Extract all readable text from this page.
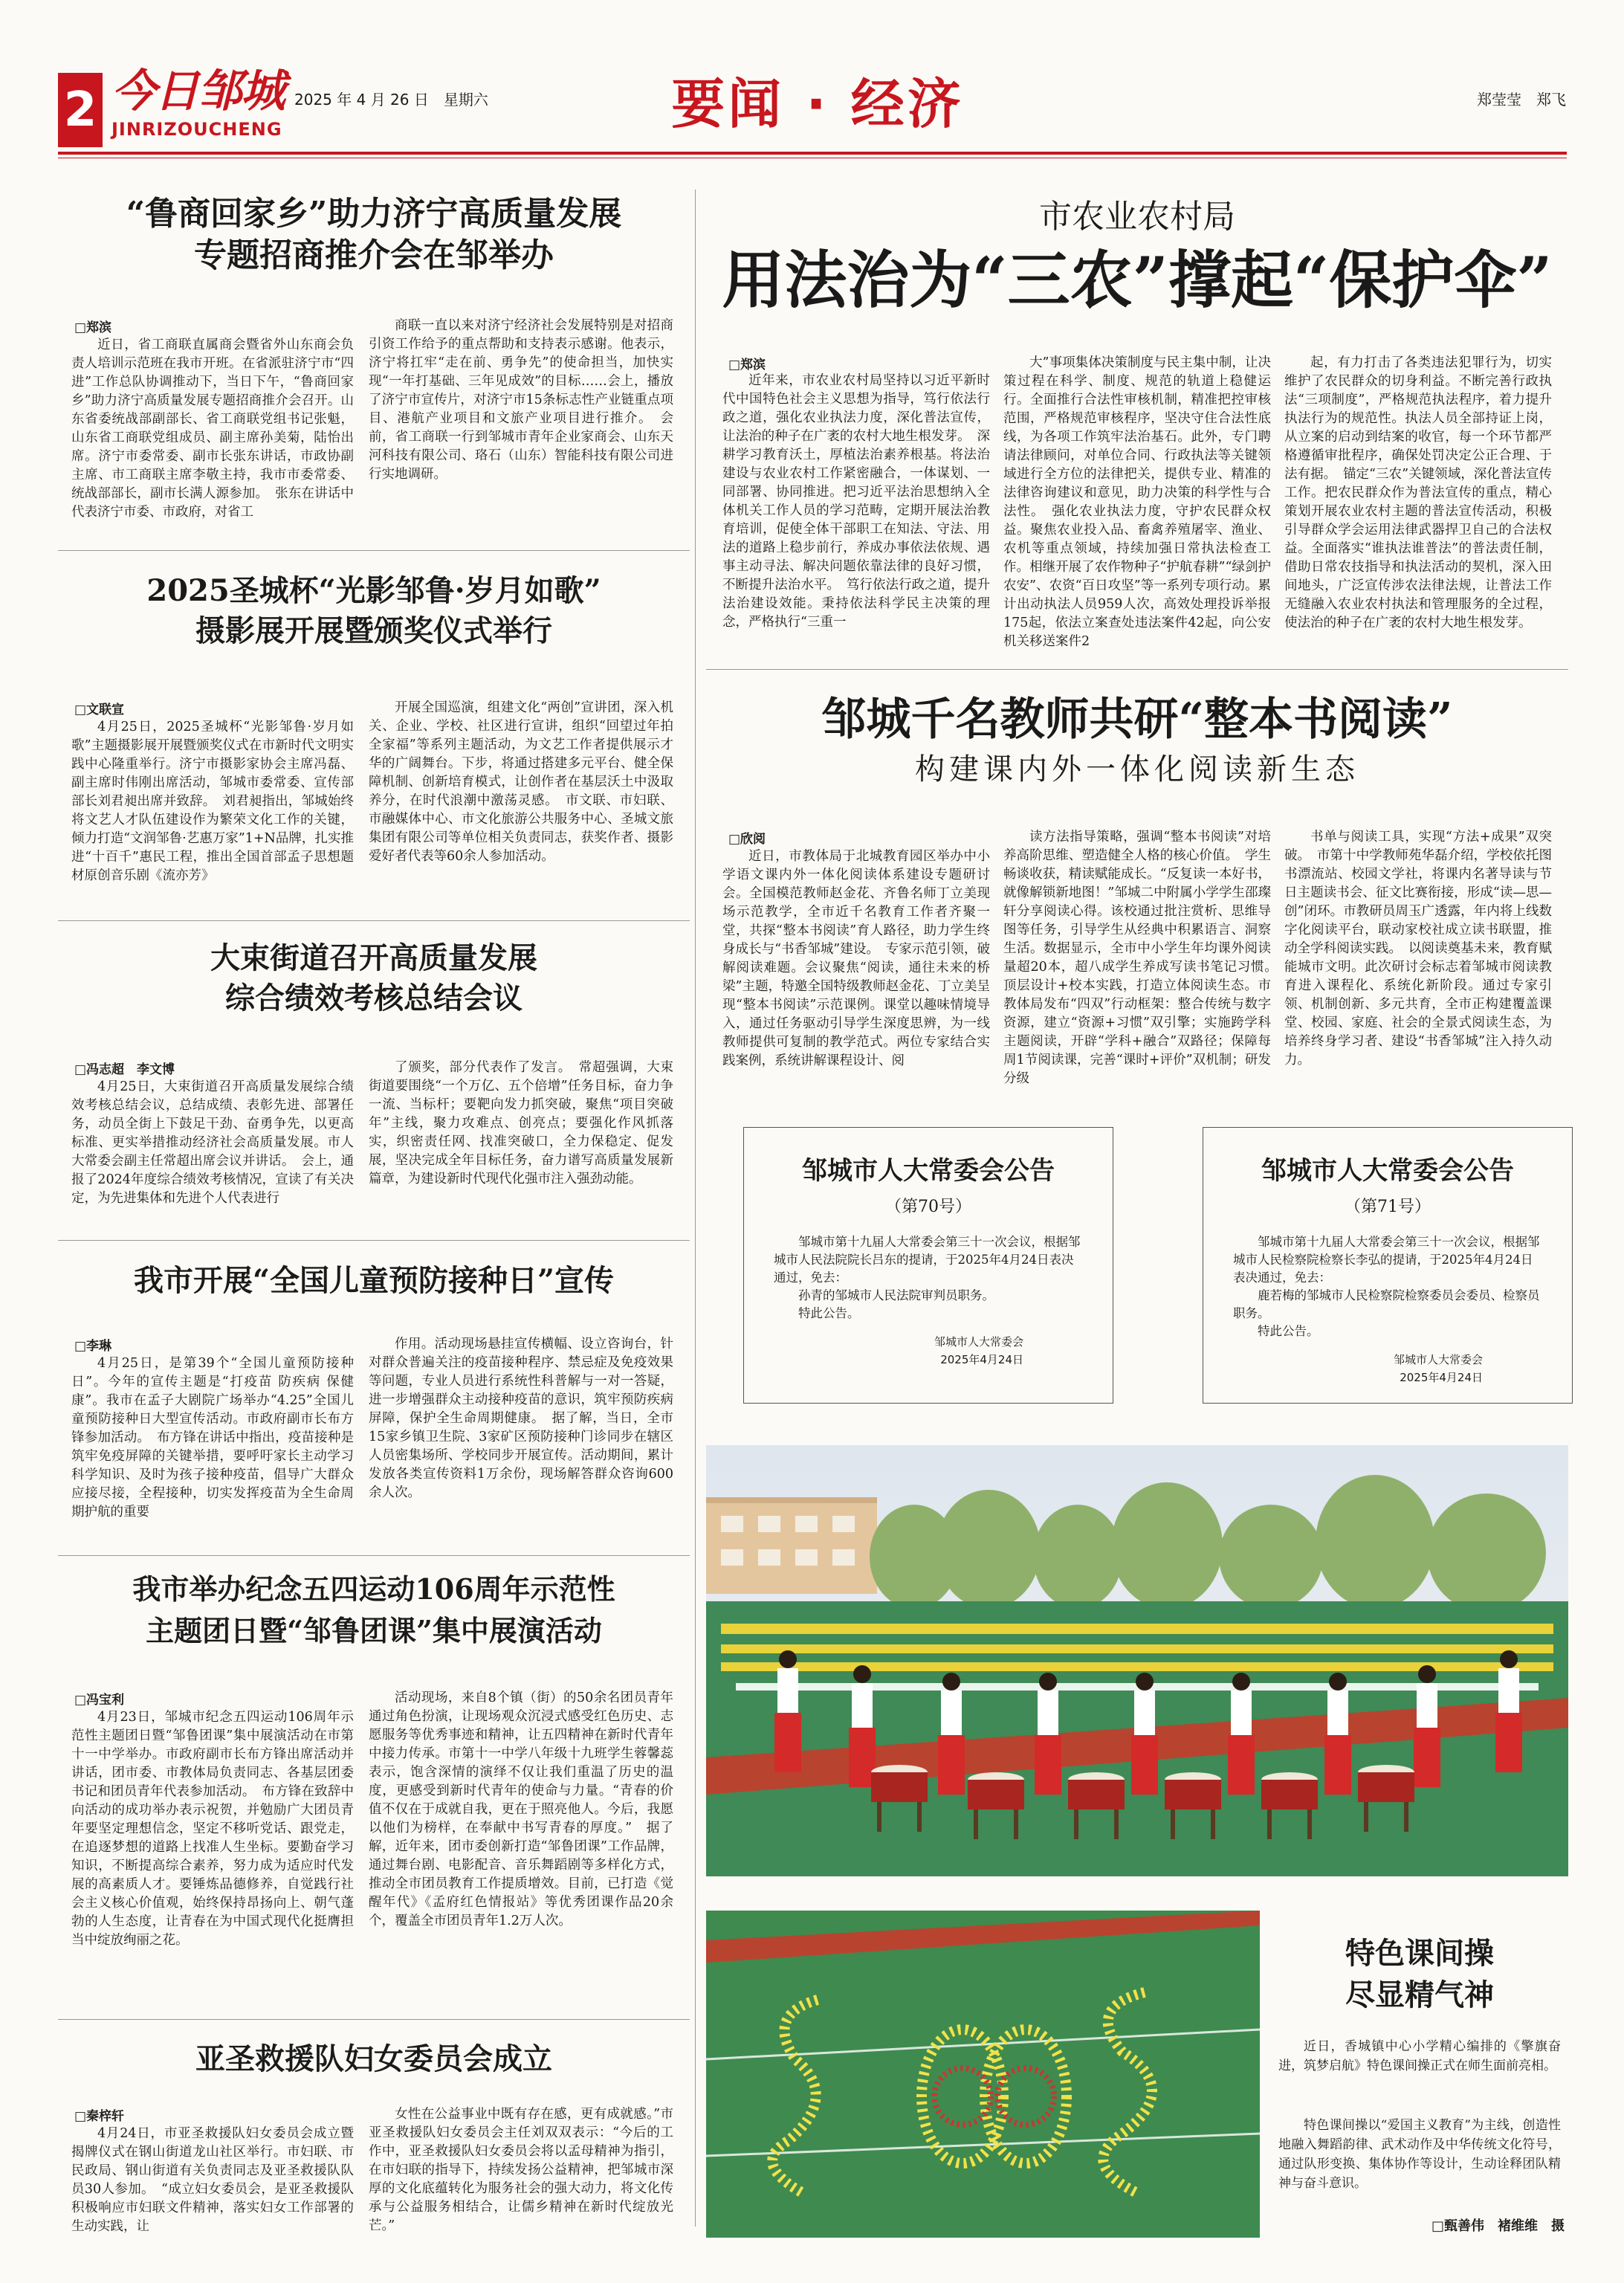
2 今日邹城
JINRIZOUCHENG
2025 年 4 月 26 日　星期六	要闻 · 经济	郑莹莹　郑飞
“鲁商回家乡”助力济宁高质量发展
专题招商推介会在邹举办
□郑滨
近日，省工商联直属商会暨省外山东商会负责人培训示范班在我市开班。在省派驻济宁市“四进”工作总队协调推动下，当日下午，“鲁商回家乡”助力济宁高质量发展专题招商推介会召开。山东省委统战部副部长、省工商联党组书记张魁，山东省工商联党组成员、副主席孙美菊，陆怡出席。济宁市委常委、副市长张东讲话，市政协副主席、市工商联主席李敬主持，我市市委常委、统战部部长，副市长满人源参加。　张东在讲话中代表济宁市委、市政府，对省工
商联一直以来对济宁经济社会发展特别是对招商引资工作给予的重点帮助和支持表示感谢。他表示，济宁将扛牢“走在前、勇争先”的使命担当，加快实现“一年打基础、三年见成效”的目标……会上，播放了济宁市宣传片，对济宁市15条标志性产业链重点项目、港航产业项目和文旅产业项目进行推介。　会前，省工商联一行到邹城市青年企业家商会、山东天河科技有限公司、珞石（山东）智能科技有限公司进行实地调研。
2025圣城杯“光影邹鲁·岁月如歌”
摄影展开展暨颁奖仪式举行
□文联宣
4月25日，2025圣城杯“光影邹鲁·岁月如歌”主题摄影展开展暨颁奖仪式在市新时代文明实践中心隆重举行。济宁市摄影家协会主席冯磊、副主席时伟刚出席活动，邹城市委常委、宣传部部长刘君昶出席并致辞。　刘君昶指出，邹城始终将文艺人才队伍建设作为繁荣文化工作的关键，倾力打造“文润邹鲁·艺惠万家”1+N品牌，扎实推进“十百千”惠民工程，推出全国首部孟子思想题材原创音乐剧《流亦芳》
开展全国巡演，组建文化“两创”宣讲团，深入机关、企业、学校、社区进行宣讲，组织“回望过年拍全家福”等系列主题活动，为文艺工作者提供展示才华的广阔舞台。下步，将通过搭建多元平台、健全保障机制、创新培育模式，让创作者在基层沃土中汲取养分，在时代浪潮中激荡灵感。　市文联、市妇联、市融媒体中心、市文化旅游公共服务中心、圣城文旅集团有限公司等单位相关负责同志，获奖作者、摄影爱好者代表等60余人参加活动。
大束街道召开高质量发展
综合绩效考核总结会议
□冯志超　李文博
4月25日，大束街道召开高质量发展综合绩效考核总结会议，总结成绩、表彰先进、部署任务，动员全街上下鼓足干劲、奋勇争先，以更高标准、更实举措推动经济社会高质量发展。市人大常委会副主任常超出席会议并讲话。　会上，通报了2024年度综合绩效考核情况，宣读了有关决定，为先进集体和先进个人代表进行
了颁奖，部分代表作了发言。　常超强调，大束街道要围绕“一个万亿、五个倍增”任务目标，奋力争一流、当标杆；要靶向发力抓突破，聚焦“项目突破年”主线，聚力攻难点、创亮点；要强化作风抓落实，织密责任网、找准突破口，全力保稳定、促发展，坚决完成全年目标任务，奋力谱写高质量发展新篇章，为建设新时代现代化强市注入强劲动能。
我市开展“全国儿童预防接种日”宣传
□李琳
4月25日，是第39个“全国儿童预防接种日”。今年的宣传主题是“打疫苗 防疾病 保健康”。我市在孟子大剧院广场举办“4.25”全国儿童预防接种日大型宣传活动。市政府副市长布方锋参加活动。　布方锋在讲话中指出，疫苗接种是筑牢免疫屏障的关键举措，要呼吁家长主动学习科学知识、及时为孩子接种疫苗，倡导广大群众应接尽接，全程接种，切实发挥疫苗为全生命周期护航的重要
作用。活动现场悬挂宣传横幅、设立咨询台，针对群众普遍关注的疫苗接种程序、禁忌症及免疫效果等问题，专业人员进行系统性科普解与一对一答疑，进一步增强群众主动接种疫苗的意识，筑牢预防疾病屏障，保护全生命周期健康。　据了解，当日，全市15家乡镇卫生院、3家矿区预防接种门诊同步在辖区人员密集场所、学校同步开展宣传。活动期间，累计发放各类宣传资料1万余份，现场解答群众咨询600余人次。
我市举办纪念五四运动106周年示范性
主题团日暨“邹鲁团课”集中展演活动
□冯宝利
4月23日，邹城市纪念五四运动106周年示范性主题团日暨“邹鲁团课”集中展演活动在市第十一中学举办。市政府副市长布方锋出席活动并讲话，团市委、市教体局负责同志、各基层团委书记和团员青年代表参加活动。　布方锋在致辞中向活动的成功举办表示祝贺，并勉励广大团员青年要坚定理想信念，坚定不移听党话、跟党走，在追逐梦想的道路上找准人生坐标。要勤奋学习知识，不断提高综合素养，努力成为适应时代发展的高素质人才。要锤炼品德修养，自觉践行社会主义核心价值观，始终保持昂扬向上、朝气蓬勃的人生态度，让青春在为中国式现代化挺膺担当中绽放绚丽之花。
活动现场，来自8个镇（街）的50余名团员青年通过角色扮演，让现场观众沉浸式感受红色历史、志愿服务等优秀事迹和精神，让五四精神在新时代青年中接力传承。市第十一中学八年级十九班学生蓉馨蕊表示，饱含深情的演绎不仅让我们重温了历史的温度，更感受到新时代青年的使命与力量。“青春的价值不仅在于成就自我，更在于照亮他人。今后，我愿以他们为榜样，在奉献中书写青春的厚度。”　据了解，近年来，团市委创新打造“邹鲁团课”工作品牌，通过舞台剧、电影配音、音乐舞蹈剧等多样化方式，推动全市团员教育工作提质增效。目前，已打造《觉醒年代》《孟府红色情报站》等优秀团课作品20余个，覆盖全市团员青年1.2万人次。
亚圣救援队妇女委员会成立
□秦梓轩
4月24日，市亚圣救援队妇女委员会成立暨揭牌仪式在钢山街道龙山社区举行。市妇联、市民政局、钢山街道有关负责同志及亚圣救援队队员30人参加。　“成立妇女委员会，是亚圣救援队积极响应市妇联文件精神，落实妇女工作部署的生动实践，让
女性在公益事业中既有存在感，更有成就感。”市亚圣救援队妇女委员会主任刘双双表示：“今后的工作中，亚圣救援队妇女委员会将以孟母精神为指引，在市妇联的指导下，持续发扬公益精神，把邹城市深厚的文化底蕴转化为服务社会的强大动力，将文化传承与公益服务相结合，让儒乡精神在新时代绽放光芒。”
市农业农村局
用法治为“三农”撑起“保护伞”
□郑滨
近年来，市农业农村局坚持以习近平新时代中国特色社会主义思想为指导，笃行依法行政之道，强化农业执法力度，深化普法宣传，让法治的种子在广袤的农村大地生根发芽。　深耕学习教育沃土，厚植法治素养根基。将法治建设与农业农村工作紧密融合，一体谋划、一同部署、协同推进。把习近平法治思想纳入全体机关工作人员的学习范畴，定期开展法治教育培训，促使全体干部职工在知法、守法、用法的道路上稳步前行，养成办事依法依规、遇事主动寻法、解决问题依靠法律的良好习惯，不断提升法治水平。　笃行依法行政之道，提升法治建设效能。秉持依法科学民主决策的理念，严格执行“三重一
大”事项集体决策制度与民主集中制，让决策过程在科学、制度、规范的轨道上稳健运行。全面推行合法性审核机制，精准把控审核范围，严格规范审核程序，坚决守住合法性底线，为各项工作筑牢法治基石。此外，专门聘请法律顾问，对单位合同、行政执法等关键领域进行全方位的法律把关，提供专业、精准的法律咨询建议和意见，助力决策的科学性与合法性。　强化农业执法力度，守护农民群众权益。聚焦农业投入品、畜禽养殖屠宰、渔业、农机等重点领域，持续加强日常执法检查工作。相继开展了农作物种子“护航春耕”“绿剑护农安”、农资“百日攻坚”等一系列专项行动。累计出动执法人员959人次，高效处理投诉举报175起，依法立案查处违法案件42起，向公安机关移送案件2
起，有力打击了各类违法犯罪行为，切实维护了农民群众的切身利益。不断完善行政执法“三项制度”，严格规范执法程序，着力提升执法行为的规范性。执法人员全部持证上岗，从立案的启动到结案的收官，每一个环节都严格遵循审批程序，确保处罚决定公正合理、于法有据。　锚定“三农”关键领域，深化普法宣传工作。把农民群众作为普法宣传的重点，精心策划开展农业农村主题的普法宣传活动，积极引导群众学会运用法律武器捍卫自己的合法权益。全面落实“谁执法谁普法”的普法责任制，借助日常农技指导和执法活动的契机，深入田间地头，广泛宣传涉农法律法规，让普法工作无缝融入农业农村执法和管理服务的全过程，使法治的种子在广袤的农村大地生根发芽。
邹城千名教师共研“整本书阅读”
构建课内外一体化阅读新生态
□欣阅
近日，市教体局于北城教育园区举办中小学语文课内外一体化阅读体系建设专题研讨会。全国模范教师赵金花、齐鲁名师丁立美现场示范教学，全市近千名教育工作者齐聚一堂，共探“整本书阅读”育人路径，助力学生终身成长与“书香邹城”建设。　专家示范引领，破解阅读难题。会议聚焦“阅读，通往未来的桥梁”主题，特邀全国特级教师赵金花、丁立美呈现“整本书阅读”示范课例。课堂以趣味情境导入，通过任务驱动引导学生深度思辨，为一线教师提供可复制的教学范式。两位专家结合实践案例，系统讲解课程设计、阅
读方法指导策略，强调“整本书阅读”对培养高阶思维、塑造健全人格的核心价值。　学生畅谈收获，精读赋能成长。“反复读一本好书，就像解锁新地图！”邹城二中附属小学学生邵璨轩分享阅读心得。该校通过批注赏析、思维导图等任务，引导学生从经典中积累语言、洞察生活。数据显示，全市中小学生年均课外阅读量超20本，超八成学生养成写读书笔记习惯。　顶层设计+校本实践，打造立体阅读生态。市教体局发布“四双”行动框架：整合传统与数字资源，建立“资源+习惯”双引擎；实施跨学科主题阅读，开辟“学科+融合”双路径；保障每周1节阅读课，完善“课时+评价”双机制；研发分级
书单与阅读工具，实现“方法+成果”双突破。　市第十中学教师苑华磊介绍，学校依托图书漂流站、校园文学社，将课内名著导读与节日主题读书会、征文比赛衔接，形成“读—思—创”闭环。市教研员周玉广透露，年内将上线数字化阅读平台，联动家校社成立读书联盟，推动全学科阅读实践。　以阅读奠基未来，教育赋能城市文明。此次研讨会标志着邹城市阅读教育进入课程化、系统化新阶段。通过专家引领、机制创新、多元共育，全市正构建覆盖课堂、校园、家庭、社会的全景式阅读生态，为培养终身学习者、建设“书香邹城”注入持久动力。
邹城市人大常委会公告
（第70号）
邹城市第十九届人大常委会第三十一次会议，根据邹城市人民法院院长吕东的提请，于2025年4月24日表决通过，免去：
孙青的邹城市人民法院审判员职务。
特此公告。
邹城市人大常委会
2025年4月24日
邹城市人大常委会公告
（第71号）
邹城市第十九届人大常委会第三十一次会议，根据邹城市人民检察院检察长李弘的提请，于2025年4月24日表决通过，免去：
鹿若梅的邹城市人民检察院检察委员会委员、检察员职务。
特此公告。
邹城市人大常委会
2025年4月24日
特色课间操
尽显精气神
近日，香城镇中心小学精心编排的《擎旗奋进，筑梦启航》特色课间操正式在师生面前亮相。
特色课间操以“爱国主义教育”为主线，创造性地融入舞蹈韵律、武术动作及中华传统文化符号，通过队形变换、集体协作等设计，生动诠释团队精神与奋斗意识。
□甄善伟　褚维维　摄
